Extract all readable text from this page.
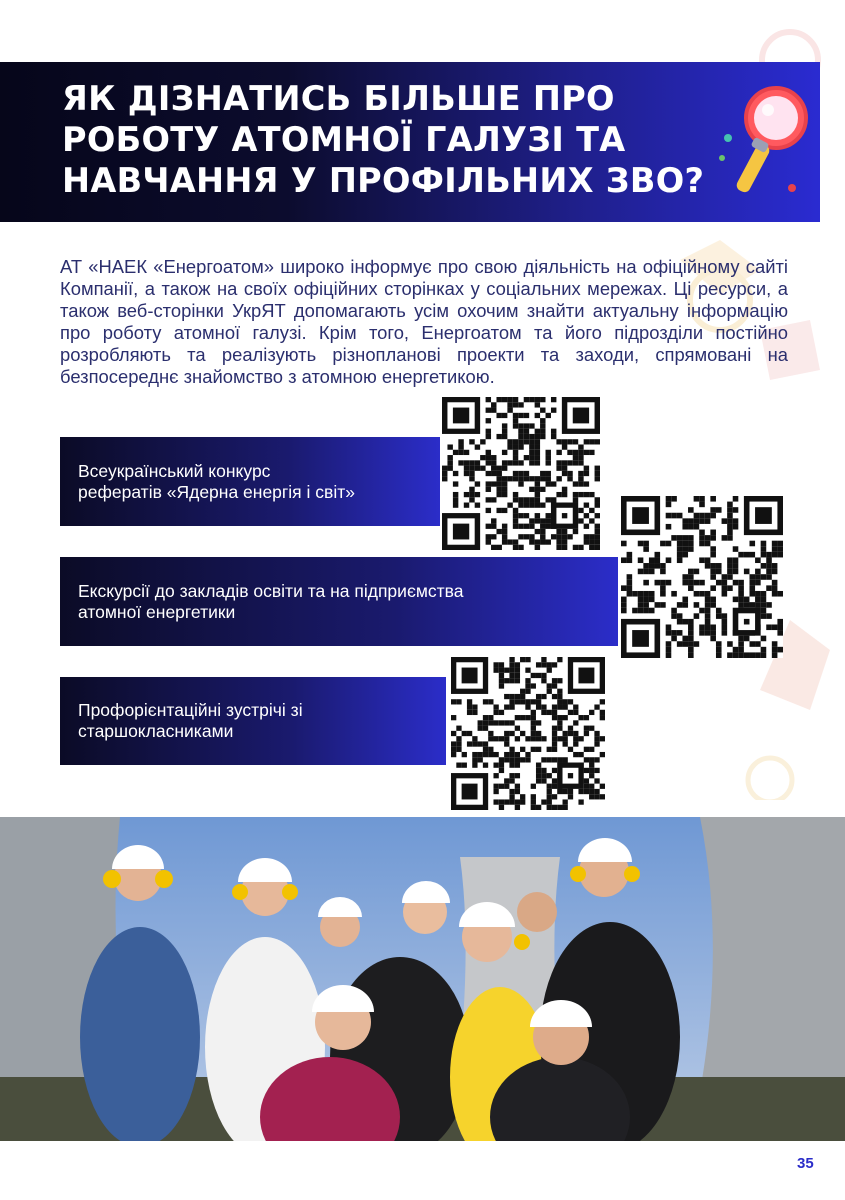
ЯК ДІЗНАТИСЬ БІЛЬШЕ ПРО РОБОТУ АТОМНОЇ ГАЛУЗІ ТА НАВЧАННЯ У ПРОФІЛЬНИХ ЗВО?

АТ «НАЕК «Енергоатом» широко інформує про свою діяльність на офіційному сайті Компанії, а також на своїх офіційних сторінках у соціальних мережах. Ці ресурси, а також веб-сторінки УкрЯТ допомагають усім охочим знайти актуальну інформацію про роботу атомної галузі. Крім того, Енергоатом та його підрозділи постійно розробляють та реалізують різнопланові проекти та заходи, спрямовані на безпосереднє знайомство з атомною енергетикою.

Всеукраїнський конкурс
рефератів «Ядерна енергія і світ»
Екскурсії до закладів освіти та на підприємства
атомної енергетики
Профорієнтаційні зустрічі зі
старшокласниками
35
